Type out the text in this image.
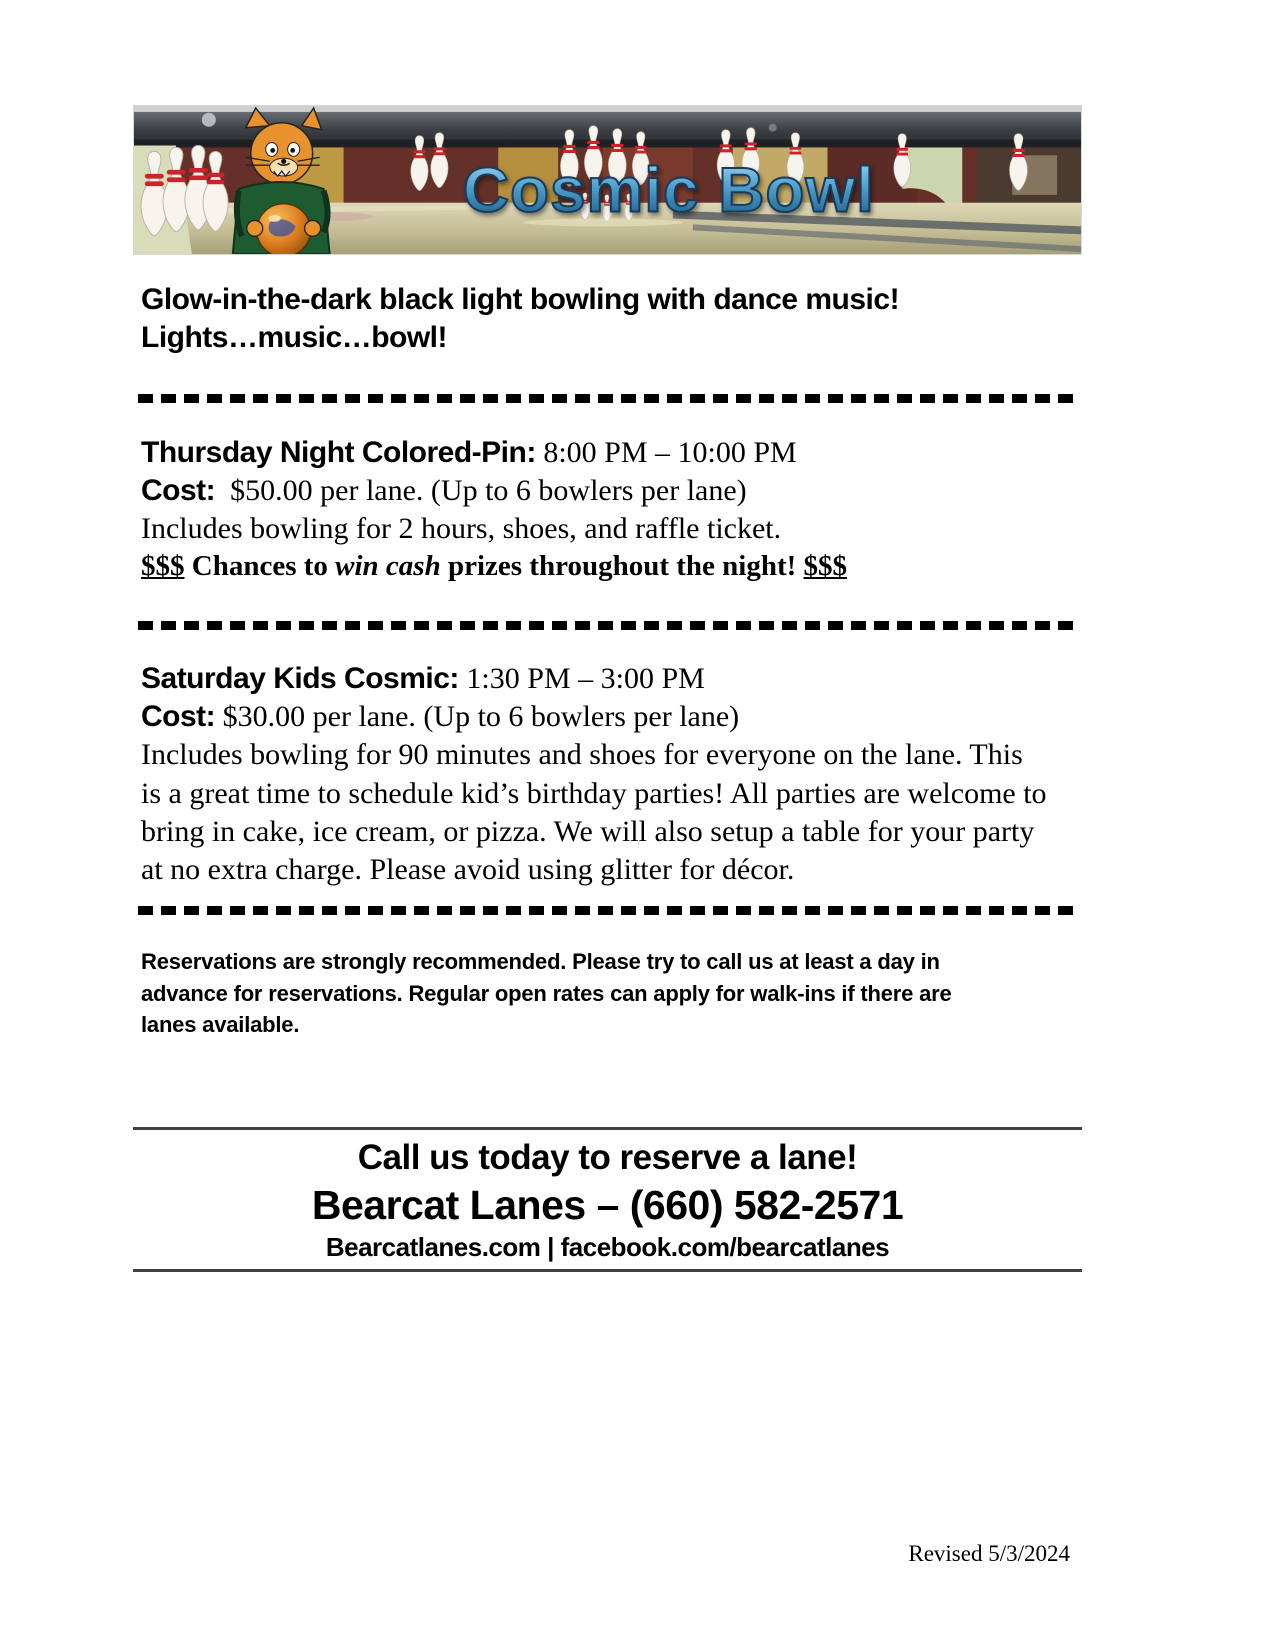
Cosmic Bowl
Glow-in-the-dark black light bowling with dance music!
Lights…music…bowl!
Thursday Night Colored-Pin: 8:00 PM – 10:00 PM
Cost:  $50.00 per lane. (Up to 6 bowlers per lane)
Includes bowling for 2 hours, shoes, and raffle ticket.
$$$ Chances to win cash prizes throughout the night! $$$
Saturday Kids Cosmic: 1:30 PM – 3:00 PM
Cost: $30.00 per lane. (Up to 6 bowlers per lane)
Includes bowling for 90 minutes and shoes for everyone on the lane. This is a great time to schedule kid’s birthday parties! All parties are welcome to bring in cake, ice cream, or pizza. We will also setup a table for your party at no extra charge. Please avoid using glitter for décor.
Reservations are strongly recommended. Please try to call us at least a day in advance for reservations. Regular open rates can apply for walk-ins if there are lanes available.
Call us today to reserve a lane!
Bearcat Lanes – (660) 582-2571
Bearcatlanes.com | facebook.com/bearcatlanes
Revised 5/3/2024
